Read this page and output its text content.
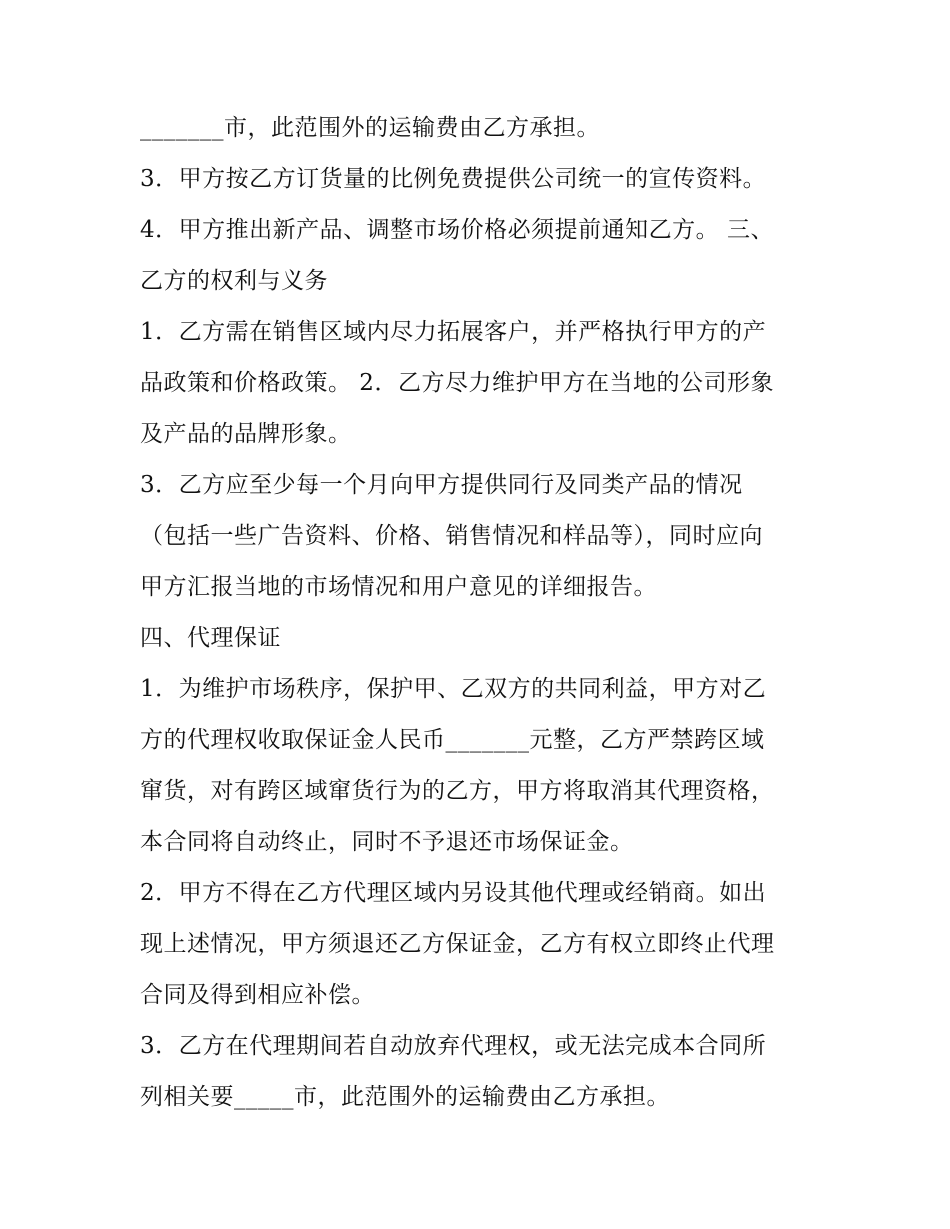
_______市，此范围外的运输费由乙方承担。
3．甲方按乙方订货量的比例免费提供公司统一的宣传资料。
4．甲方推出新产品、调整市场价格必须提前通知乙方。 三、
乙方的权利与义务
1．乙方需在销售区域内尽力拓展客户，并严格执行甲方的产
品政策和价格政策。 2．乙方尽力维护甲方在当地的公司形象
及产品的品牌形象。
3．乙方应至少每一个月向甲方提供同行及同类产品的情况
（包括一些广告资料、价格、销售情况和样品等），同时应向
甲方汇报当地的市场情况和用户意见的详细报告。
四、代理保证
1．为维护市场秩序，保护甲、乙双方的共同利益，甲方对乙
方的代理权收取保证金人民币_______元整，乙方严禁跨区域
窜货，对有跨区域窜货行为的乙方，甲方将取消其代理资格，
本合同将自动终止，同时不予退还市场保证金。
2．甲方不得在乙方代理区域内另设其他代理或经销商。如出
现上述情况，甲方须退还乙方保证金，乙方有权立即终止代理
合同及得到相应补偿。
3．乙方在代理期间若自动放弃代理权，或无法完成本合同所
列相关要_____市，此范围外的运输费由乙方承担。
